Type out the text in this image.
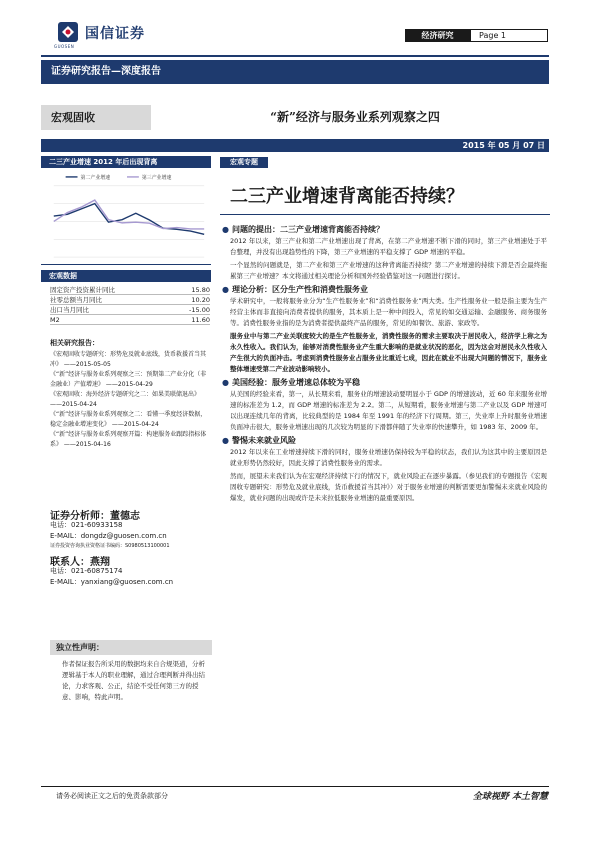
GUOSEN
国信证券	经济研究	Page 1
证券研究报告—深度报告
宏观固收	“新”经济与服务业系列观察之四
2015 年 05 月 07 日
二三产业增速 2012 年后出现背离
第二产业增速	第三产业增速
宏观数据
固定资产投资累计同比	15.80
社零总额当月同比	10.20
出口当月同比	-15.00
M2	11.60
相关研究报告：
《宏观固收专题研究：形势危及就业底线，货币救援首当其冲》 ——2015-05-05
《“新”经济与服务业系列观察之三：预期第二产业分化（非金融业）产值增速》 ——2015-04-29
《宏观固收：海外经济专题研究之二：如果美联储退出》 ——2015-04-24
《“新”经济与服务业系列观察之二：看懂一季度经济数据，稳定金融业增速变化》 ——2015-04-24
《“新”经济与服务业系列观察开篇：构建服务业跟踪指标体系》 ——2015-04-16
证券分析师：董德志
电话：021-60933158
E-MAIL：dongdz@guosen.com.cn
证券投资咨询执业资格证书编码：S0980513100001
联系人：燕翔
电话：021-60875174
E-MAIL：yanxiang@guosen.com.cn
独立性声明：
作者保证报告所采用的数据均来自合规渠道，分析逻辑基于本人的职业理解，通过合理判断并得出结论，力求客观、公正，结论不受任何第三方的授意、影响，特此声明。
宏观专题
二三产业增速背离能否持续？
● 问题的提出：二三产业增速背离能否持续？
2012 年以来，第三产业和第二产业增速出现了背离，在第二产业增速不断下滑的同时，第三产业增速处于平台整理，并没有出现趋势性的下降，第三产业增速的平稳支撑了 GDP 增速的平稳。
一个显然的问题就是，第二产业和第三产业增速的这种背离能否持续？第二产业增速的持续下滑是否会最终拖累第三产业增速？本文将通过相关理论分析和国外经验借鉴对这一问题进行探讨。
● 理论分析：区分生产性和消费性服务业
学术研究中，一般将服务业分为“生产性服务业”和“消费性服务业”两大类。生产性服务业一般是指主要为生产经营主体而非直接向消费者提供的服务，其本质上是一种中间投入，常见的如交通运输、金融服务、商务服务等。消费性服务业指的是为消费者提供最终产品的服务，常见的如餐饮、旅游、家政等。
服务业中与第二产业关联度较大的是生产性服务业，消费性服务的需求主要取决于居民收入，经济学上称之为永久性收入。我们认为，能够对消费性服务业产生重大影响的是就业状况的恶化，因为这会对居民永久性收入产生很大的负面冲击。考虑到消费性服务业占服务业比重近七成，因此在就业不出现大问题的情况下，服务业整体增速受第二产业波动影响较小。
● 美国经验：服务业增速总体较为平稳
从美国的经验来看，第一，从长期来看，服务业的增速波动要明显小于 GDP 的增速波动，近 60 年来服务业增速的标准差为 1.2，而 GDP 增速的标准差为 2.2。第二，从短期看，服务业增速与第二产业以及 GDP 增速可以出现连续几年的背离，比较典型的是 1984 年至 1991 年的经济下行周期。第三，失业率上升时服务业增速负面冲击很大，服务业增速出现的几次较为明显的下滑都伴随了失业率的快速攀升，如 1983 年、2009 年。
● 警惕未来就业风险
2012 年以来在工业增速持续下滑的同时，服务业增速仍保持较为平稳的状态，我们认为这其中的主要原因是就业形势仍然较好，因此支撑了消费性服务业的需求。
然而，展望未来我们认为在宏观经济持续下行的情况下，就业风险正在逐步暴露。（参见我们的专题报告《宏观固收专题研究：形势危及就业底线，货币救援首当其冲》）对于服务业增速的判断需要更加警惕未来就业风险的爆发，就业问题的出现或许是未来拉低服务业增速的最重要原因。
请务必阅读正文之后的免责条款部分	全球视野 本土智慧
